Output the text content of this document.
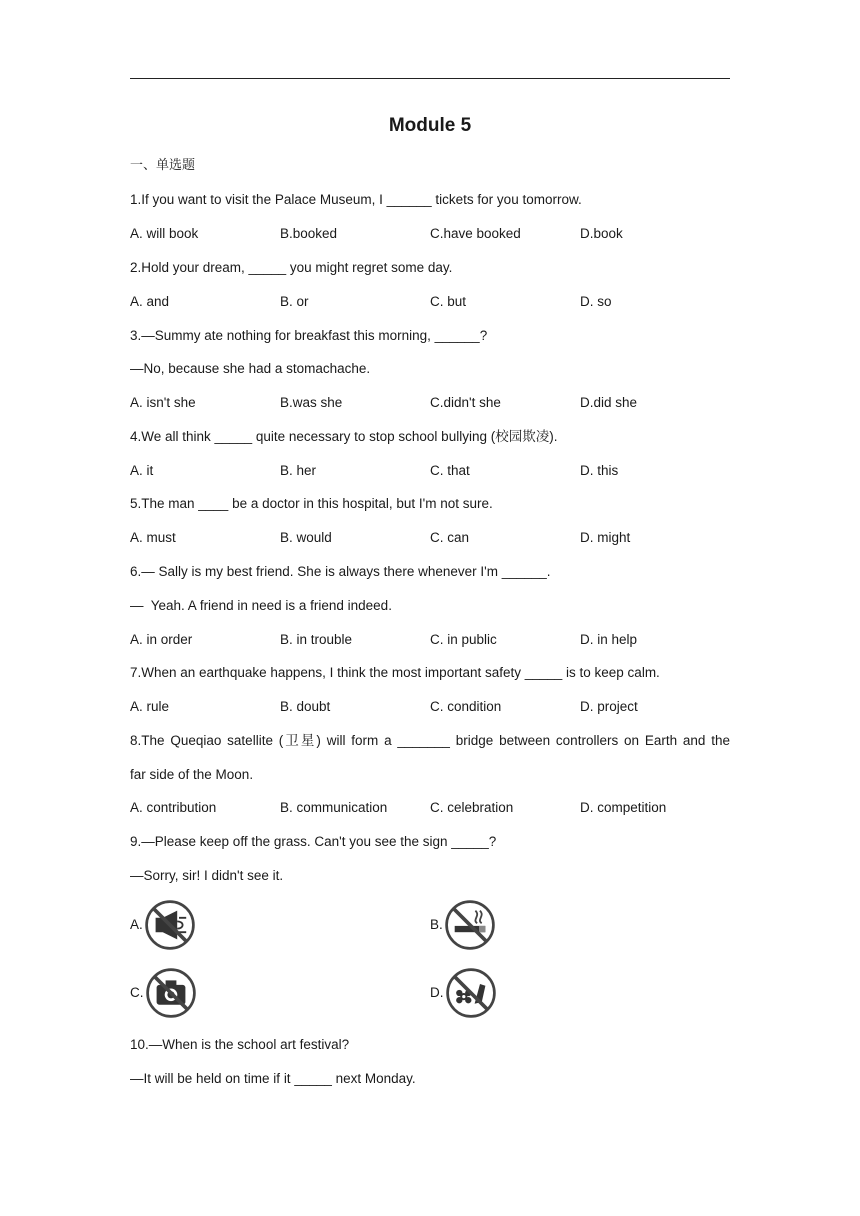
Module 5
一、单选题
1.If you want to visit the Palace Museum, I ______ tickets for you tomorrow.
A. will book	B.booked	C.have booked	D.book
2.Hold your dream, _____ you might regret some day.
A. and	B. or	C. but	D. so
3.—Summy ate nothing for breakfast this morning, ______?
—No, because she had a stomachache.
A. isn't she	B.was she	C.didn't she	D.did she
4.We all think _____ quite necessary to stop school bullying (校园欺凌).
A. it	B. her	C. that	D. this
5.The man ____ be a doctor in this hospital, but I'm not sure.
A. must	B. would	C. can	D. might
6.— Sally is my best friend. She is always there whenever I'm ______.
—  Yeah. A friend in need is a friend indeed.
A. in order	B. in trouble	C. in public	D. in help
7.When an earthquake happens, I think the most important safety _____ is to keep calm.
A. rule	B. doubt	C. condition	D. project
8.The Queqiao satellite (卫星) will form a _______ bridge between controllers on Earth and the
far side of the Moon.
A. contribution	B. communication	C. celebration	D. competition
9.—Please keep off the grass. Can't you see the sign _____?
—Sorry, sir! I didn't see it.
A.	B.
C.	D.
10.—When is the school art festival?
—It will be held on time if it _____ next Monday.
